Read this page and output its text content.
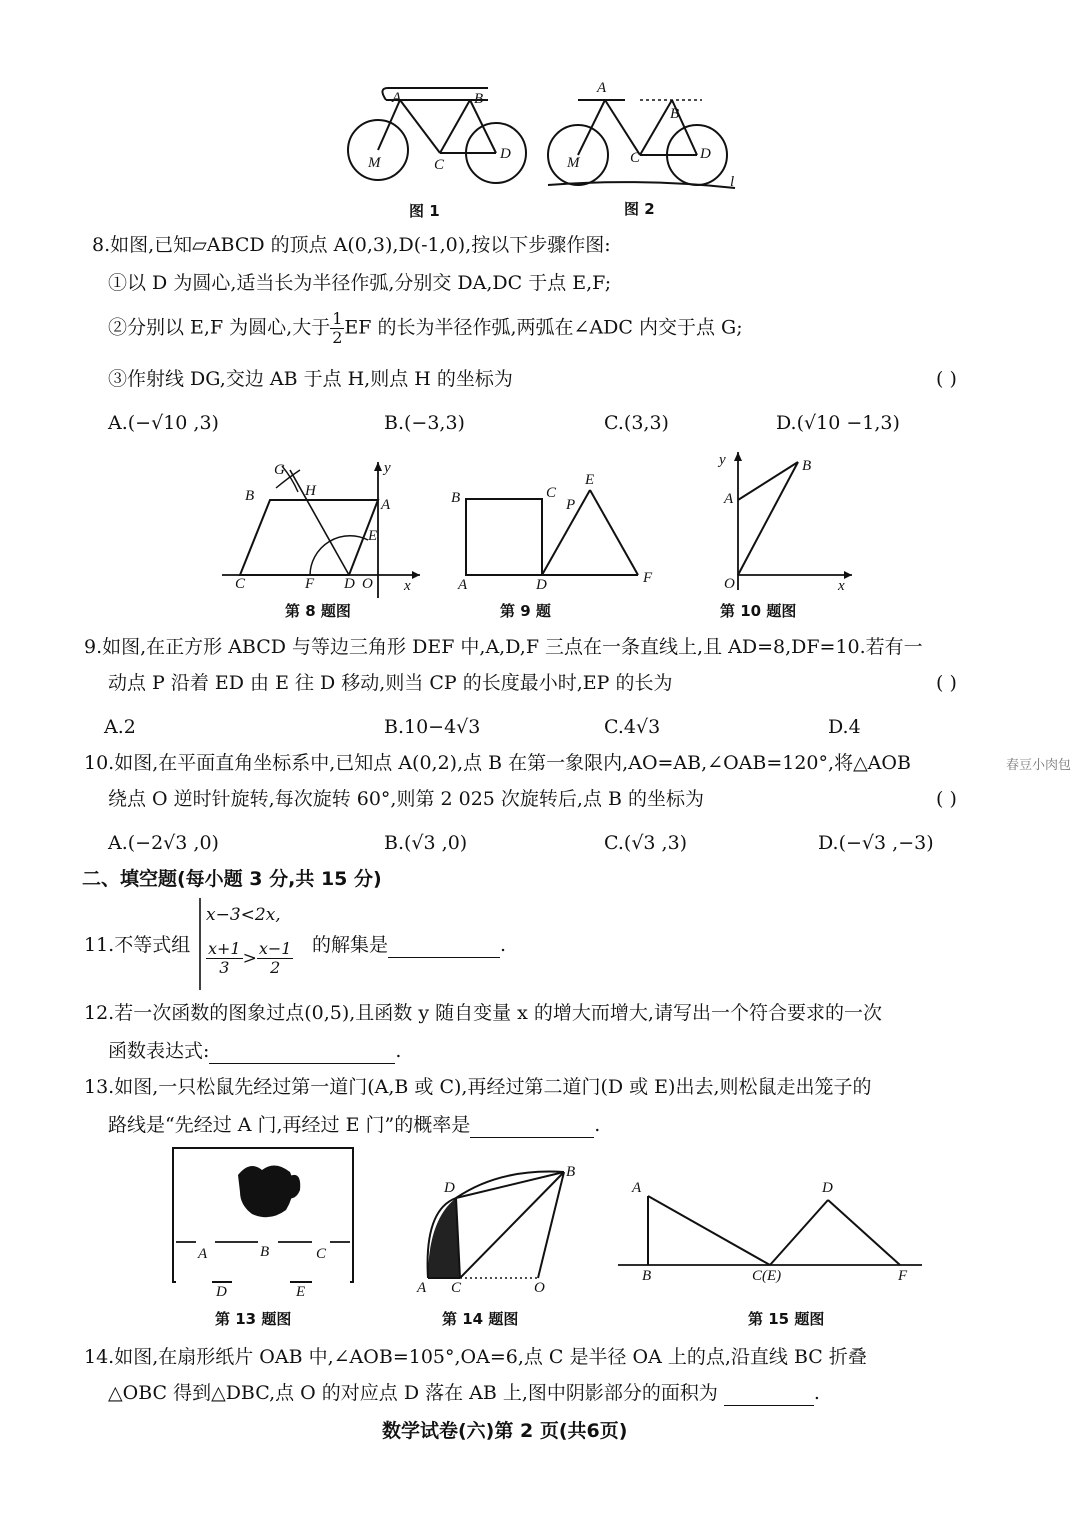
A	B
M	C
D
图 1
A
B
M	C	D
l
图 2
8.如图,已知▱ABCD 的顶点 A(0,3),D(-1,0),按以下步骤作图:
①以 D 为圆心,适当长为半径作弧,分别交 DA,DC 于点 E,F;
②分别以 E,F 为圆心,大于 $\frac{1}{2}$ EF 的长为半径作弧,两弧在∠ADC 内交于点 G;
③作射线 DG,交边 AB 于点 H,则点 H 的坐标为	( )
A.(−√10 ,3)	B.(−3,3)	C.(3,3)	D.(√10 −1,3)
G
H
B
A
y
E
C	F D O x
第 8 题图
B	C
E
P
A	D	F
第 9 题
y	B
A
O	x
第 10 题图
9.如图,在正方形 ABCD 与等边三角形 DEF 中,A,D,F 三点在一条直线上,且 AD=8,DF=10.若有一
动点 P 沿着 ED 由 E 往 D 移动,则当 CP 的长度最小时,EP 的长为	( )
A.2	B.10−4√3	C.4√3	D.4
10.如图,在平面直角坐标系中,已知点 A(0,2),点 B 在第一象限内,AO=AB,∠OAB=120°,将△AOB	春豆小肉包
绕点 O 逆时针旋转,每次旋转 60°,则第 2 025 次旋转后,点 B 的坐标为	( )
A.(−2√3 ,0)	B.(√3 ,0)	C.(√3 ,3)	D.(−√3 ,−3)
二、填空题(每小题 3 分,共 15 分)
11.不等式组
x−3<2x,
$\frac{x+1}{3} > \frac{x-1}{2}$ 的解集是	.
12.若一次函数的图象过点(0,5),且函数 y 随自变量 x 的增大而增大,请写出一个符合要求的一次
函数表达式:	.
13.如图,一只松鼠先经过第一道门(A,B 或 C),再经过第二道门(D 或 E)出去,则松鼠走出笼子的
路线是“先经过 A 门,再经过 E 门”的概率是	.
A	B	C
D	E
第 13 题图
D
B
A C	O
第 14 题图
A	D
B	C(E)	F
第 15 题图
14.如图,在扇形纸片 OAB 中,∠AOB=105°,OA=6,点 C 是半径 OA 上的点,沿直线 BC 折叠
△OBC 得到△DBC,点 O 的对应点 D 落在 AB 上,图中阴影部分的面积为	.
数学试卷(六)第 2 页(共6页)
